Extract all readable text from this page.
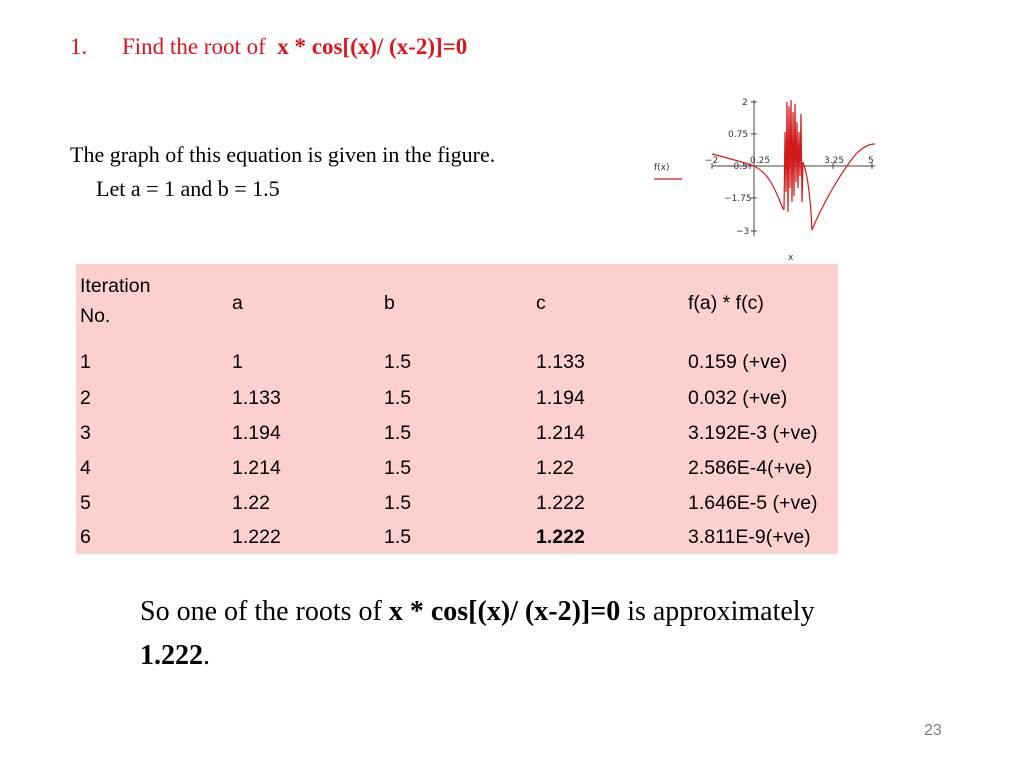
1. Find the root of x * cos[(x)/ (x-2)]=0
The graph of this equation is given in the figure.
Let a = 1 and b = 1.5
f(x)
2
0.75
−0.5
−1.75
−3
−2	0.25 1.5	3.25	5
x
Iteration
No.	a	b	c	f(a) * f(c)
1	1	1.5	1.133	0.159 (+ve)
2	1.133	1.5	1.194	0.032 (+ve)
3	1.194	1.5	1.214	3.192E-3 (+ve)
4	1.214	1.5	1.22	2.586E-4(+ve)
5	1.22	1.5	1.222	1.646E-5 (+ve)
6	1.222	1.5	1.222	3.811E-9(+ve)
So one of the roots of x * cos[(x)/ (x-2)]=0 is approximately 1.222.
23
